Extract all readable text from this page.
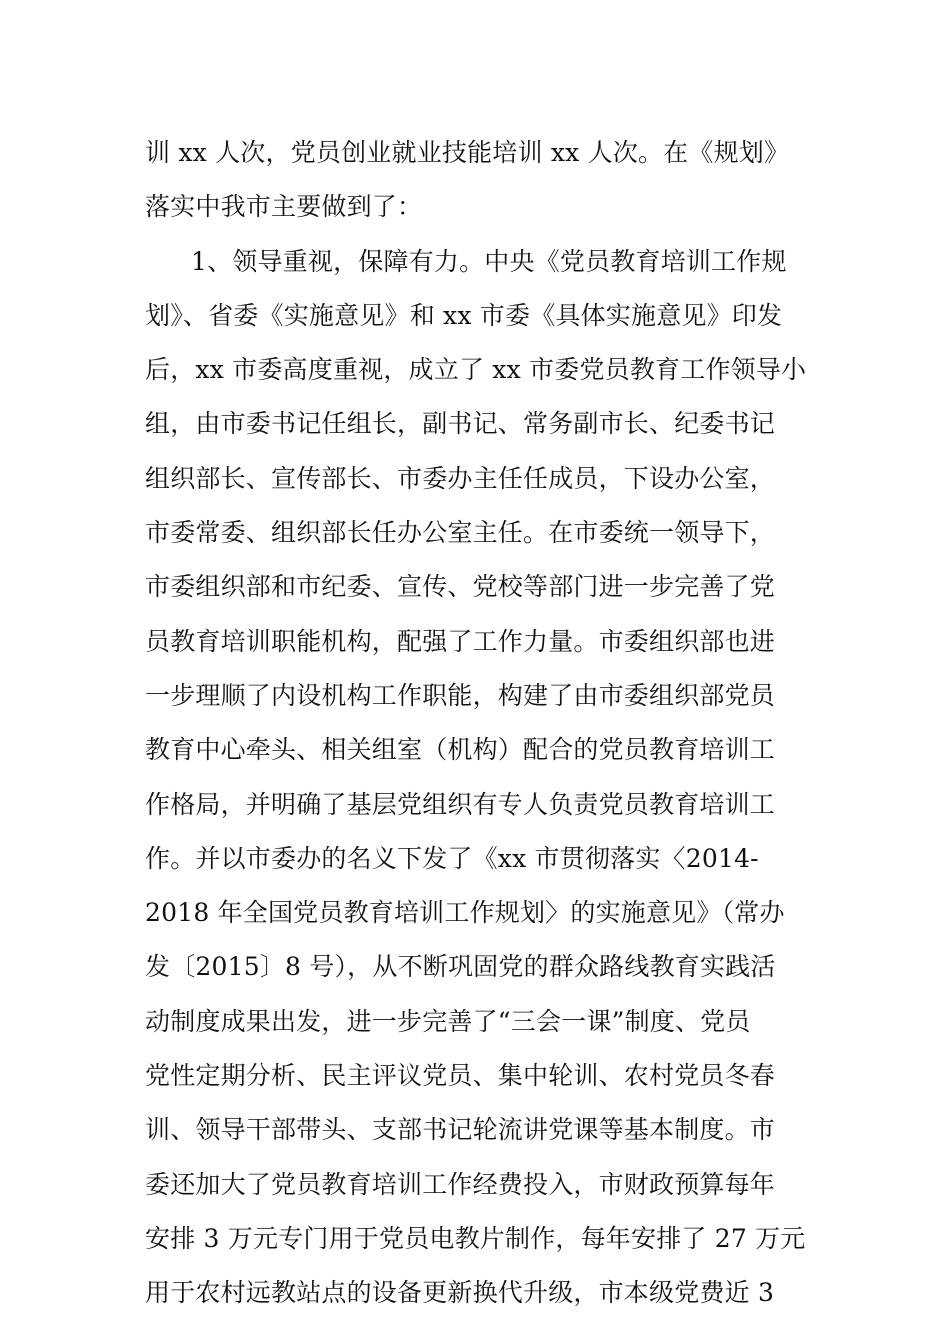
训 xx 人次，党员创业就业技能培训 xx 人次。在《规划》
落实中我市主要做到了：
1、领导重视，保障有力。中央《党员教育培训工作规
划》、省委《实施意见》和 xx 市委《具体实施意见》印发
后，xx 市委高度重视，成立了 xx 市委党员教育工作领导小
组，由市委书记任组长，副书记、常务副市长、纪委书记
组织部长、宣传部长、市委办主任任成员，下设办公室，
市委常委、组织部长任办公室主任。在市委统一领导下，
市委组织部和市纪委、宣传、党校等部门进一步完善了党
员教育培训职能机构，配强了工作力量。市委组织部也进
一步理顺了内设机构工作职能，构建了由市委组织部党员
教育中心牵头、相关组室（机构）配合的党员教育培训工
作格局，并明确了基层党组织有专人负责党员教育培训工
作。并以市委办的名义下发了《xx 市贯彻落实〈2014-
2018 年全国党员教育培训工作规划〉的实施意见》（常办
发〔2015〕8 号），从不断巩固党的群众路线教育实践活
动制度成果出发，进一步完善了“三会一课”制度、党员
党性定期分析、民主评议党员、集中轮训、农村党员冬春
训、领导干部带头、支部书记轮流讲党课等基本制度。市
委还加大了党员教育培训工作经费投入，市财政预算每年
安排 3 万元专门用于党员电教片制作，每年安排了 27 万元
用于农村远教站点的设备更新换代升级，市本级党费近 3
